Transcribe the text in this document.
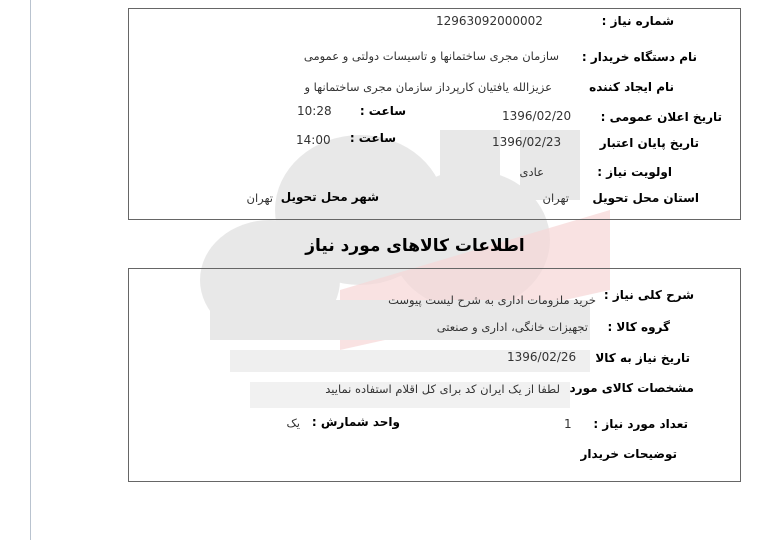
شماره نیاز :
12963092000002
نام دستگاه خریدار :
سازمان مجری ساختمانها و تاسیسات دولتی و عمومی
نام ایجاد کننده
عزیزالله یافتیان کارپرداز سازمان مجری ساختمانها و
تاریخ اعلان عمومی :
1396/02/20
ساعت :
10:28
تاریخ پایان اعتبار
1396/02/23
ساعت :
14:00
اولویت نیاز :
عادی
استان محل تحویل
تهران
شهر محل تحویل
تهران
اطلاعات کالاهای مورد نیاز
شرح کلی نیاز :
خرید ملزومات اداری به شرح لیست پیوست
گروه کالا :
تجهیزات خانگی، اداری و صنعتی
تاریخ نیاز به کالا
1396/02/26
مشخصات کالای مورد
لطفا از یک ایران کد برای کل اقلام استفاده نمایید
تعداد مورد نیاز :
1
واحد شمارش :
یک
توضیحات خریدار
